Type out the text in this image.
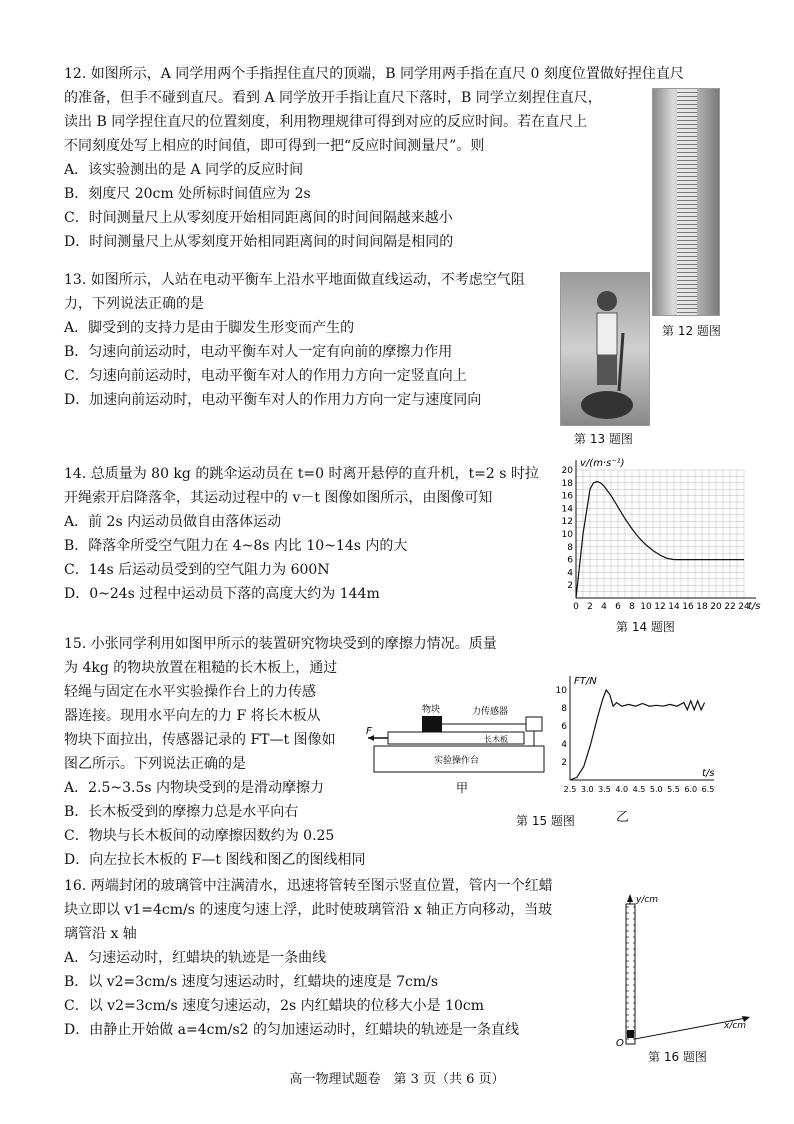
12. 如图所示，A 同学用两个手指捏住直尺的顶端，B 同学用两手指在直尺 0 刻度位置做好捏住直尺
的准备，但手不碰到直尺。看到 A 同学放开手指让直尺下落时，B 同学立刻捏住直尺，
读出 B 同学捏住直尺的位置刻度，利用物理规律可得到对应的反应时间。若在直尺上
不同刻度处写上相应的时间值，即可得到一把“反应时间测量尺”。则
A．该实验测出的是 A 同学的反应时间
B．刻度尺 20cm 处所标时间值应为 2s
C．时间测量尺上从零刻度开始相同距离间的时间间隔越来越小
D．时间测量尺上从零刻度开始相同距离间的时间间隔是相同的
第 12 题图
13. 如图所示，人站在电动平衡车上沿水平地面做直线运动，不考虑空气阻
力，下列说法正确的是
A．脚受到的支持力是由于脚发生形变而产生的
B．匀速向前运动时，电动平衡车对人一定有向前的摩擦力作用
C．匀速向前运动时，电动平衡车对人的作用力方向一定竖直向上
D．加速向前运动时，电动平衡车对人的作用力方向一定与速度同向
第 13 题图
14. 总质量为 80 kg 的跳伞运动员在 t=0 时离开悬停的直升机，t=2 s 时拉
开绳索开启降落伞，其运动过程中的 v－t 图像如图所示，由图像可知
A．前 2s 内运动员做自由落体运动
B．降落伞所受空气阻力在 4~8s 内比 10~14s 内的大
C．14s 后运动员受到的空气阻力为 600N
D．0~24s 过程中运动员下落的高度大约为 144m
0 2 4 6 8 10 12 14 16 18 20 22 24
2
4
6
8
10
12
14
16
18
20
v/(m·s⁻¹)
t/s
第 14 题图
15. 小张同学利用如图甲所示的装置研究物块受到的摩擦力情况。质量
为 4kg 的物块放置在粗糙的长木板上，通过
轻绳与固定在水平实验操作台上的力传感
器连接。现用水平向左的力 F 将长木板从
物块下面拉出，传感器记录的 FT—t 图像如
图乙所示。下列说法正确的是
A．2.5~3.5s 内物块受到的是滑动摩擦力
B．长木板受到的摩擦力总是水平向右
C．物块与长木板间的动摩擦因数约为 0.25
D．向左拉长木板的 F—t 图线和图乙的图线相同
物块	力传感器
长木板
实验操作台
F
甲	2.5 3.0 3.5 4.0 4.5 5.0 5.5 6.0 6.5
2
4
6
8
10
FT/N
t/s
乙
第 15 题图
16. 两端封闭的玻璃管中注满清水，迅速将管转至图示竖直位置，管内一个红蜡
块立即以 v1=4cm/s 的速度匀速上浮，此时使玻璃管沿 x 轴正方向移动，当玻
璃管沿 x 轴
A．匀速运动时，红蜡块的轨迹是一条曲线
B．以 v2=3cm/s 速度匀速运动时，红蜡块的速度是 7cm/s
C．以 v2=3cm/s 速度匀速运动，2s 内红蜡块的位移大小是 10cm
D．由静止开始做 a=4cm/s2 的匀加速运动时，红蜡块的轨迹是一条直线
y/cm
x/cm
O
第 16 题图
高一物理试题卷　第 3 页（共 6 页）
